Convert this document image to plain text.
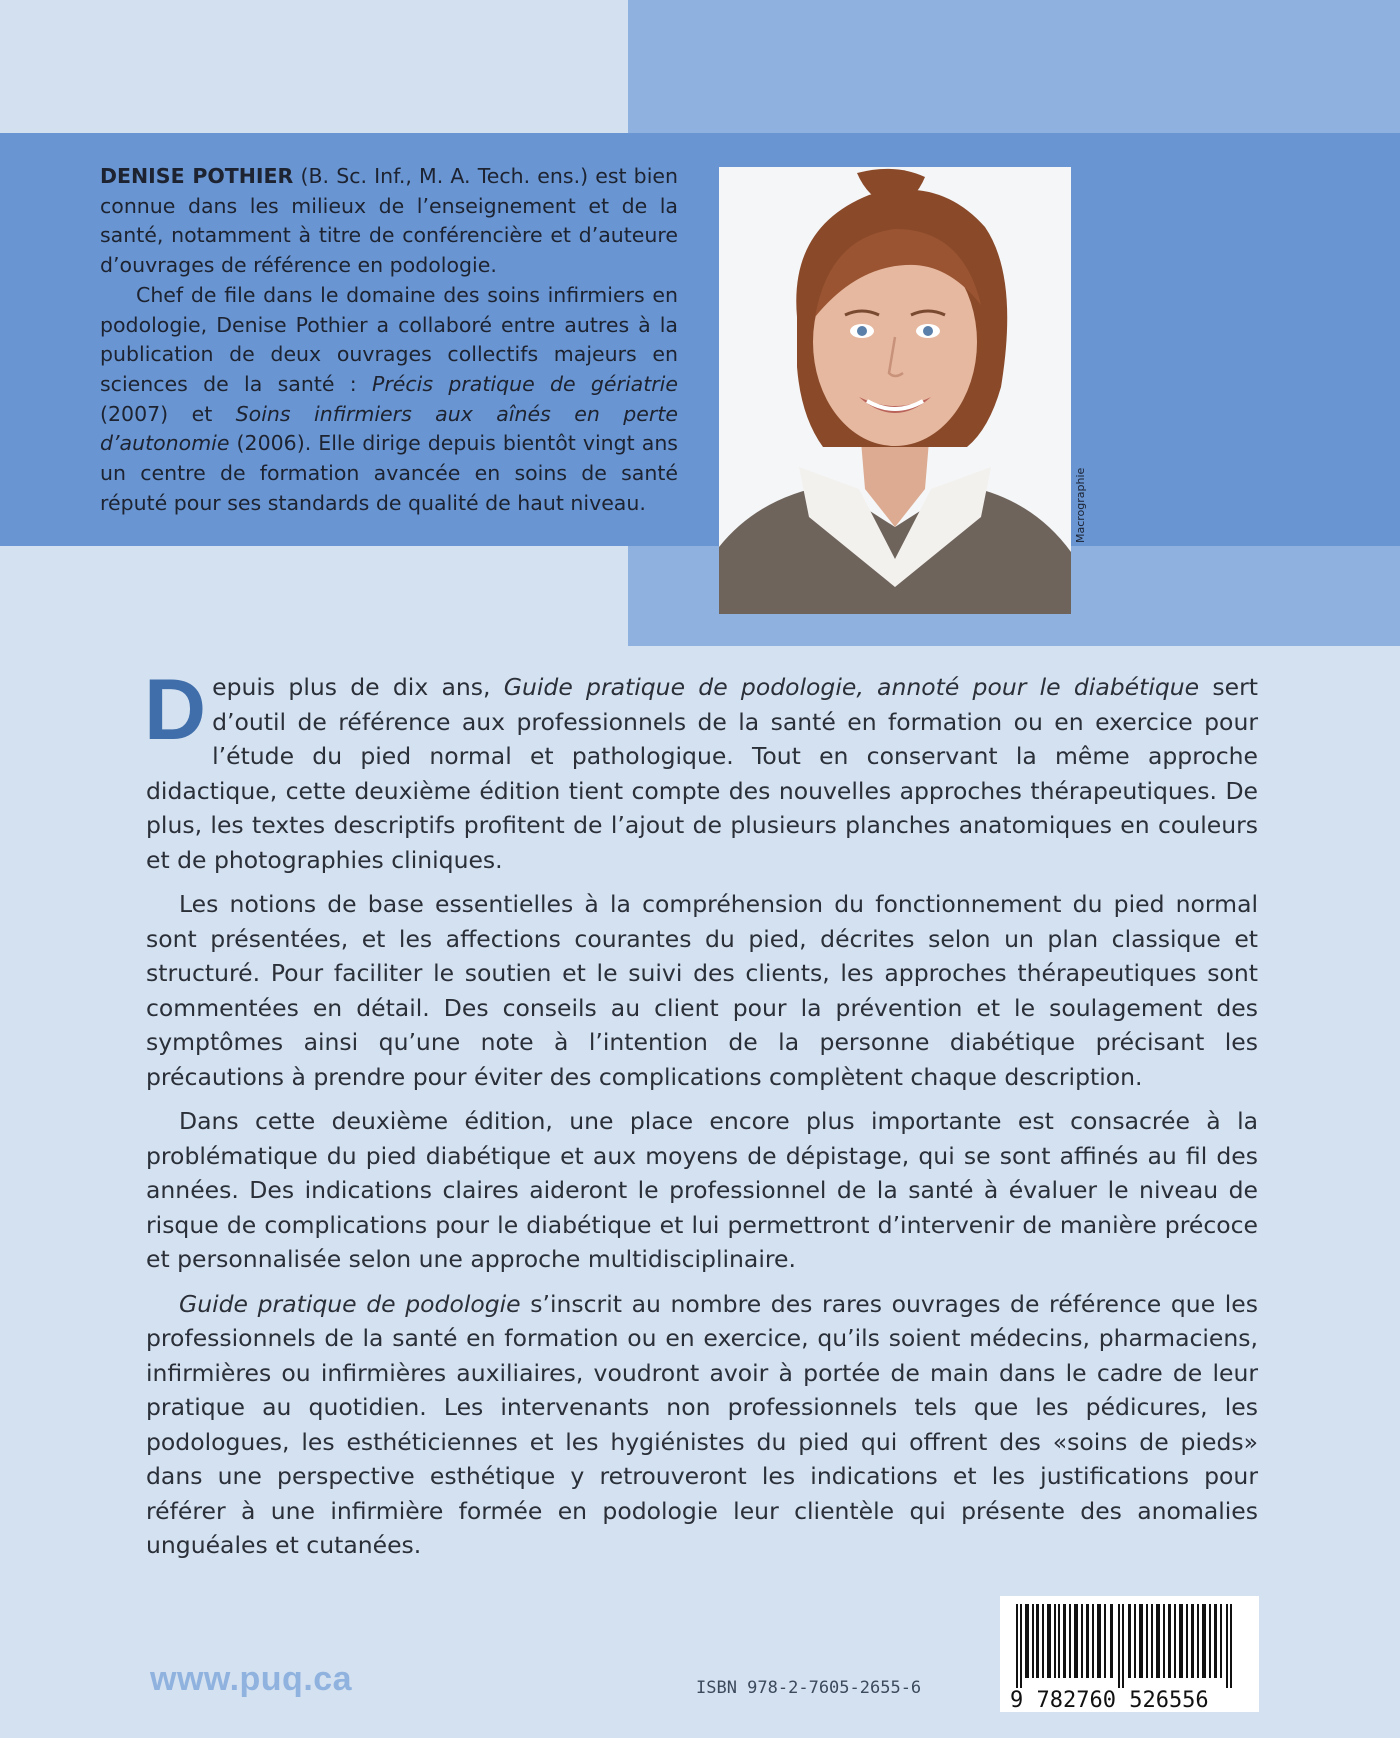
DENISE POTHIER (B. Sc. Inf., M. A. Tech. ens.) est bien connue dans les milieux de l’enseignement et de la santé, notamment à titre de conférencière et d’auteure d’ouvrages de référence en podologie.

Chef de file dans le domaine des soins infirmiers en podologie, Denise Pothier a collaboré entre autres à la publication de deux ouvrages collectifs majeurs en sciences de la santé : Précis pratique de gériatrie (2007) et Soins infirmiers aux aînés en perte d’autonomie (2006). Elle dirige depuis bientôt vingt ans un centre de formation avancée en soins de santé réputé pour ses standards de qualité de haut niveau.	Macrographie

Depuis plus de dix ans, Guide pratique de podologie, annoté pour le diabétique sert d’outil de référence aux professionnels de la santé en formation ou en exercice pour l’étude du pied normal et pathologique. Tout en conservant la même approche didactique, cette deuxième édition tient compte des nouvelles approches thérapeutiques. De plus, les textes descriptifs profitent de l’ajout de plusieurs planches anatomiques en couleurs et de photographies cliniques.

Les notions de base essentielles à la compréhension du fonctionnement du pied normal sont présentées, et les affections courantes du pied, décrites selon un plan classique et structuré. Pour faciliter le soutien et le suivi des clients, les approches thérapeutiques sont commentées en détail. Des conseils au client pour la prévention et le soulagement des symptômes ainsi qu’une note à l’intention de la personne diabétique précisant les précautions à prendre pour éviter des complications complètent chaque description.

Dans cette deuxième édition, une place encore plus importante est consacrée à la problématique du pied diabétique et aux moyens de dépistage, qui se sont affinés au fil des années. Des indications claires aideront le professionnel de la santé à évaluer le niveau de risque de complications pour le diabétique et lui permettront d’intervenir de manière précoce et personnalisée selon une approche multidisciplinaire.

Guide pratique de podologie s’inscrit au nombre des rares ouvrages de référence que les professionnels de la santé en formation ou en exercice, qu’ils soient médecins, pharmaciens, infirmières ou infirmières auxiliaires, voudront avoir à portée de main dans le cadre de leur pratique au quotidien. Les intervenants non professionnels tels que les pédicures, les podologues, les esthéticiennes et les hygiénistes du pied qui offrent des «soins de pieds» dans une perspective esthétique y retrouveront les indications et les justifications pour référer à une infirmière formée en podologie leur clientèle qui présente des anomalies unguéales et cutanées.

www.puq.ca	ISBN 978-2-7605-2655-6	9 782760 526556
